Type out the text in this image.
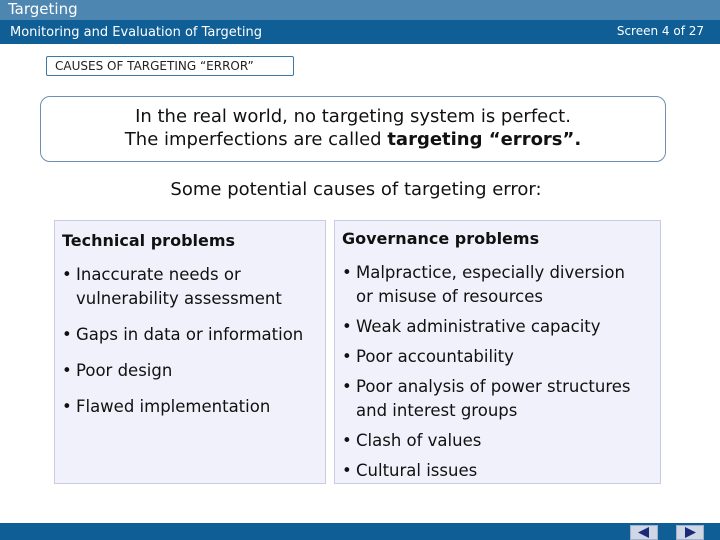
Targeting
Monitoring and Evaluation of Targeting	Screen 4 of 27
CAUSES OF TARGETING “ERROR”
In the real world, no targeting system is perfect.
The imperfections are called targeting “errors”.
Some potential causes of targeting error:
Technical problems
• Inaccurate needs or
vulnerability assessment
• Gaps in data or information
• Poor design
• Flawed implementation
Governance problems
• Malpractice, especially diversion
or misuse of resources
• Weak administrative capacity
• Poor accountability
• Poor analysis of power structures
and interest groups
• Clash of values
• Cultural issues
